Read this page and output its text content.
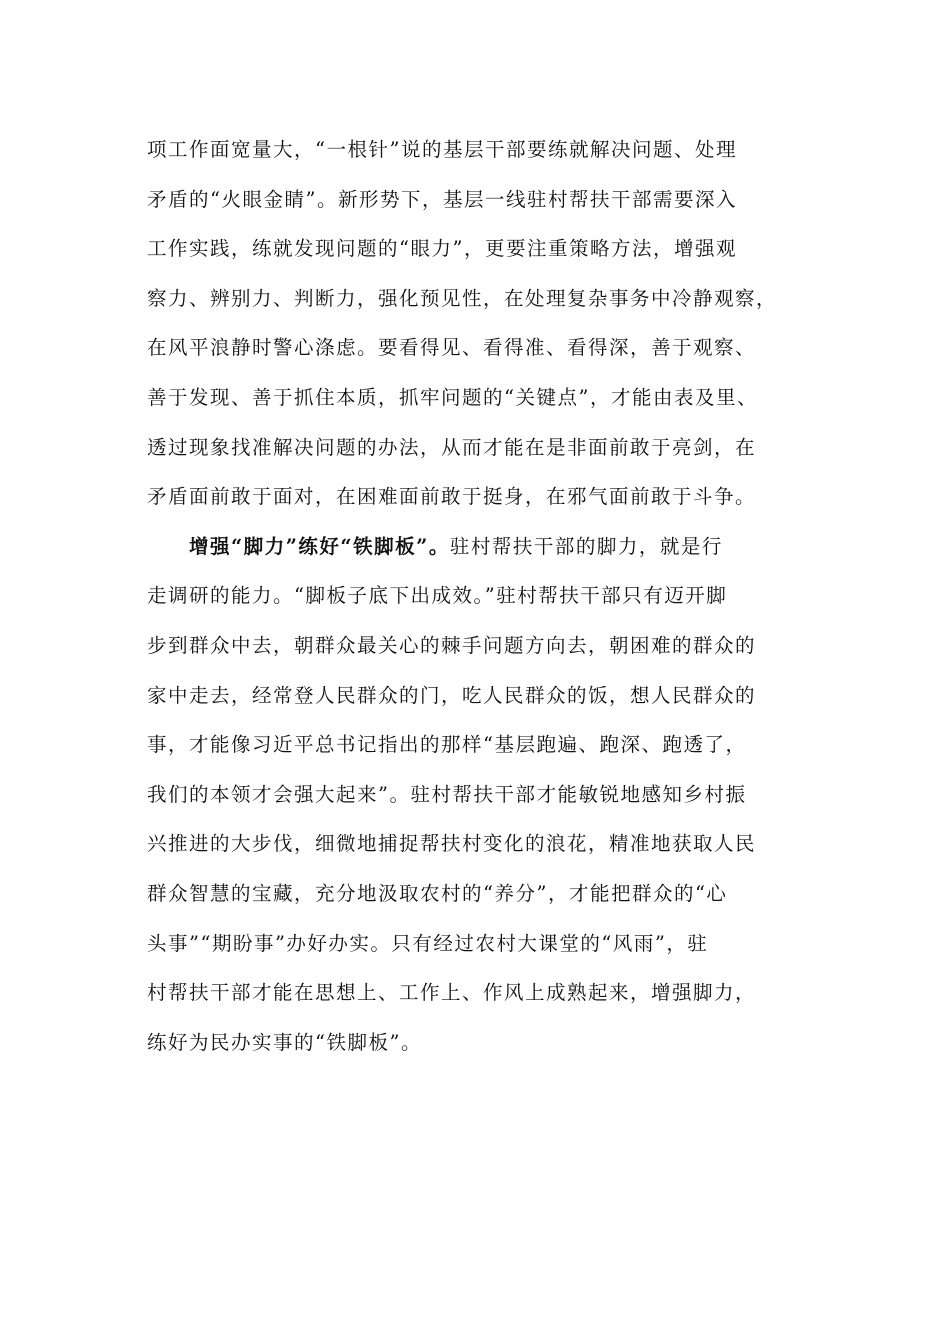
项工作面宽量大，“一根针”说的基层干部要练就解决问题、处理
矛盾的“火眼金睛”。新形势下，基层一线驻村帮扶干部需要深入
工作实践，练就发现问题的“眼力”，更要注重策略方法，增强观
察力、辨别力、判断力，强化预见性，在处理复杂事务中冷静观察，
在风平浪静时警心涤虑。要看得见、看得准、看得深，善于观察、
善于发现、善于抓住本质，抓牢问题的“关键点”，才能由表及里、
透过现象找准解决问题的办法，从而才能在是非面前敢于亮剑，在
矛盾面前敢于面对，在困难面前敢于挺身，在邪气面前敢于斗争。
增强“脚力”练好“铁脚板”。驻村帮扶干部的脚力，就是行
走调研的能力。“脚板子底下出成效。”驻村帮扶干部只有迈开脚
步到群众中去，朝群众最关心的棘手问题方向去，朝困难的群众的
家中走去，经常登人民群众的门，吃人民群众的饭，想人民群众的
事，才能像习近平总书记指出的那样“基层跑遍、跑深、跑透了，
我们的本领才会强大起来”。驻村帮扶干部才能敏锐地感知乡村振
兴推进的大步伐，细微地捕捉帮扶村变化的浪花，精准地获取人民
群众智慧的宝藏，充分地汲取农村的“养分”，才能把群众的“心
头事”“期盼事”办好办实。只有经过农村大课堂的“风雨”，驻
村帮扶干部才能在思想上、工作上、作风上成熟起来，增强脚力，
练好为民办实事的“铁脚板”。
